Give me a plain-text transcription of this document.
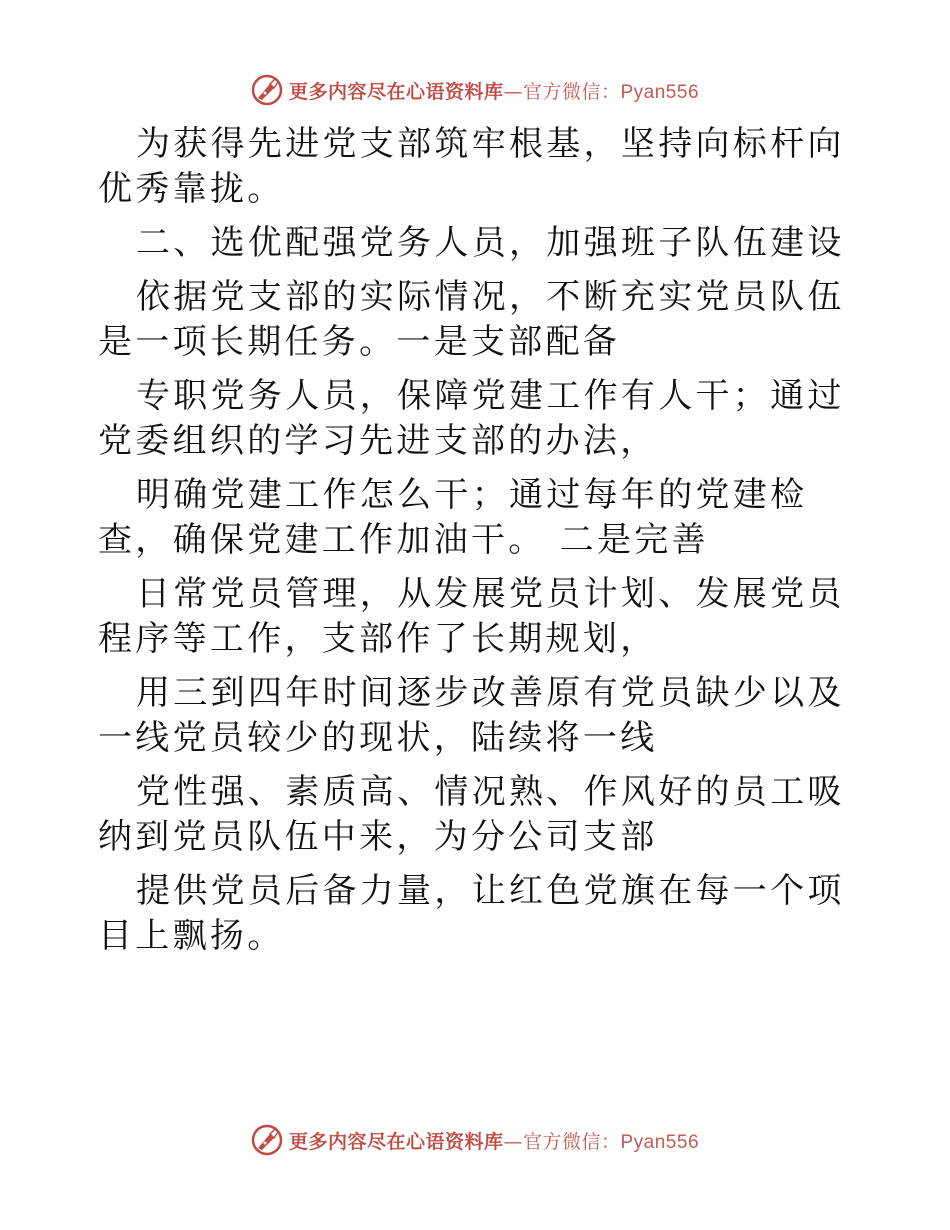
更多内容尽在心语资料库—官方微信：Pyan556

为获得先进党支部筑牢根基，坚持向标杆向优秀靠拢。

二、选优配强党务人员，加强班子队伍建设

依据党支部的实际情况，不断充实党员队伍是一项长期任务。一是支部配备

专职党务人员，保障党建工作有人干；通过党委组织的学习先进支部的办法，

明确党建工作怎么干；通过每年的党建检查，确保党建工作加油干。 二是完善

日常党员管理，从发展党员计划、发展党员程序等工作，支部作了长期规划，

用三到四年时间逐步改善原有党员缺少以及一线党员较少的现状，陆续将一线

党性强、素质高、情况熟、作风好的员工吸纳到党员队伍中来，为分公司支部

提供党员后备力量，让红色党旗在每一个项目上飘扬。

更多内容尽在心语资料库—官方微信：Pyan556
